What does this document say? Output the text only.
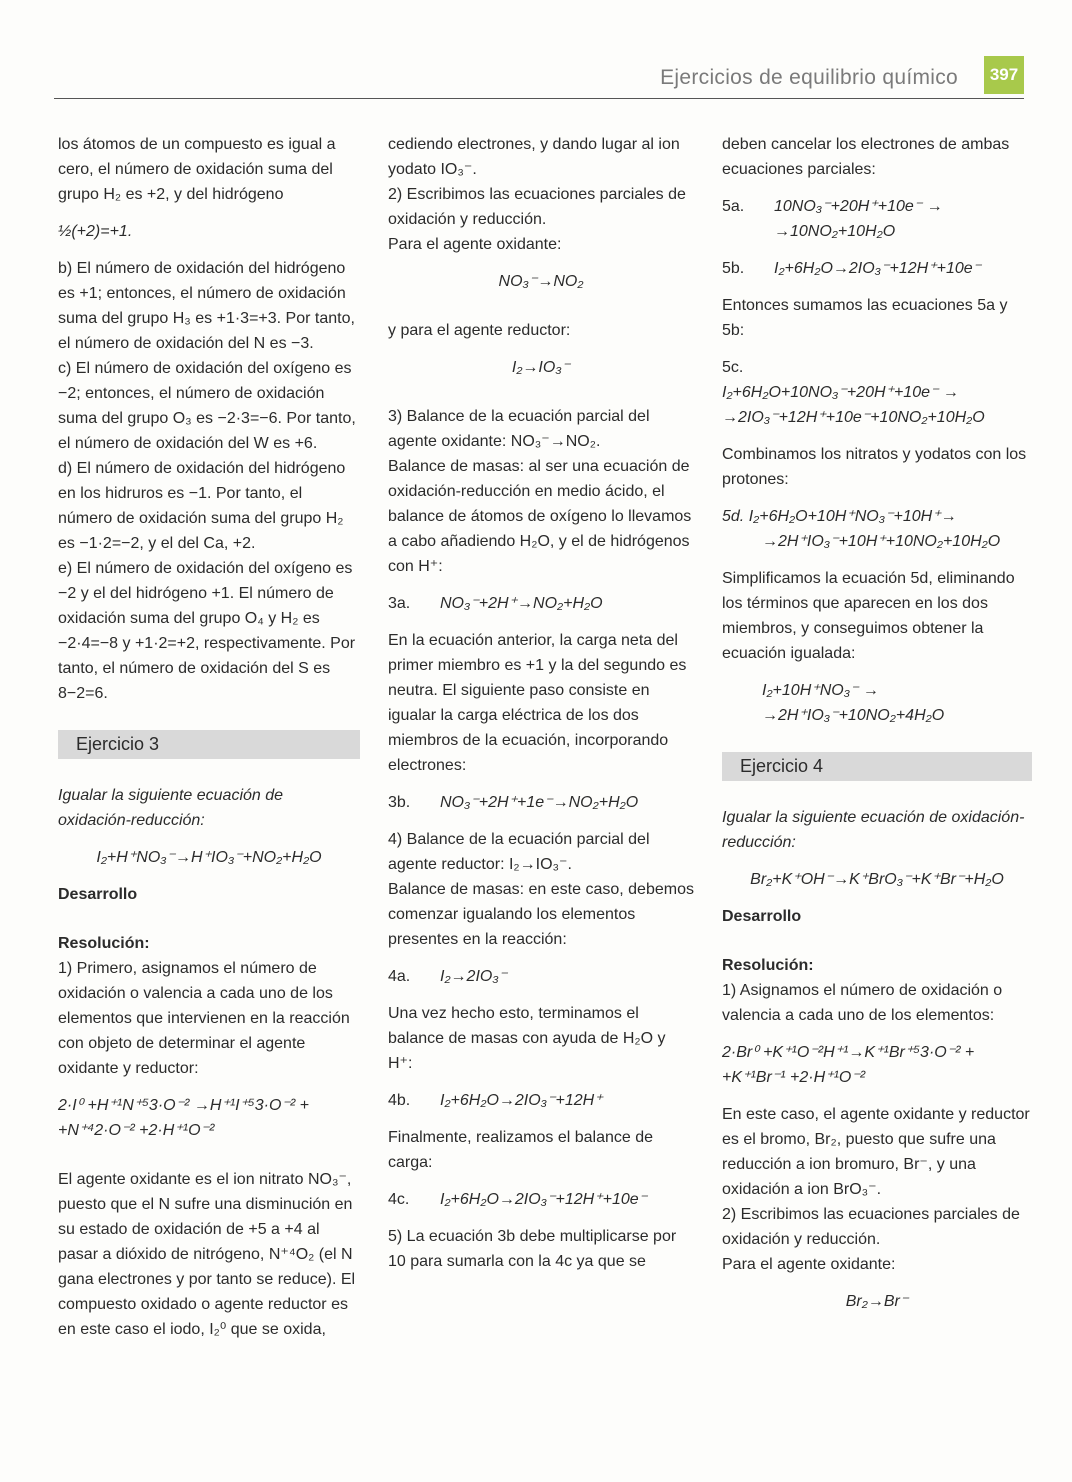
Ejercicios de equilibrio químico	397

los átomos de un compuesto es igual a cero, el número de oxidación suma del grupo H₂ es +2, y del hidrógeno

½(+2)=+1.

b) El número de oxidación del hidrógeno es +1; entonces, el número de oxidación suma del grupo H₃ es +1·3=+3. Por tanto, el número de oxidación del N es −3.

c) El número de oxidación del oxígeno es −2; entonces, el número de oxidación suma del grupo O₃ es −2·3=−6. Por tanto, el número de oxidación del W es +6.

d) El número de oxidación del hidrógeno en los hidruros es −1. Por tanto, el número de oxidación suma del grupo H₂ es −1·2=−2, y el del Ca, +2.

e) El número de oxidación del oxígeno es −2 y el del hidrógeno +1. El número de oxidación suma del grupo O₄ y H₂ es −2·4=−8 y +1·2=+2, respectivamente. Por tanto, el número de oxidación del S es 8−2=6.

Ejercicio 3

Igualar la siguiente ecuación de oxidación-reducción:

I₂+H⁺NO₃⁻→H⁺IO₃⁻+NO₂+H₂O

Desarrollo

Resolución:

1) Primero, asignamos el número de oxidación o valencia a cada uno de los elementos que intervienen en la reacción con objeto de determinar el agente oxidante y reductor:

2·I⁰ +H⁺¹N⁺⁵3·O⁻² →H⁺¹I⁺⁵3·O⁻² +

+N⁺⁴2·O⁻² +2·H⁺¹O⁻²

El agente oxidante es el ion nitrato NO₃⁻, puesto que el N sufre una disminución en su estado de oxidación de +5 a +4 al pasar a dióxido de nitrógeno, N⁺⁴O₂ (el N gana electrones y por tanto se reduce). El compuesto oxidado o agente reductor es en este caso el iodo, I₂⁰ que se oxida,

cediendo electrones, y dando lugar al ion yodato IO₃⁻.

2) Escribimos las ecuaciones parciales de oxidación y reducción.

Para el agente oxidante:

NO₃⁻→NO₂

y para el agente reductor:

I₂→IO₃⁻

3) Balance de la ecuación parcial del agente oxidante: NO₃⁻→NO₂.

Balance de masas: al ser una ecuación de oxidación-reducción en medio ácido, el balance de átomos de oxígeno lo llevamos a cabo añadiendo H₂O, y el de hidrógenos con H⁺:

3a. NO₃⁻+2H⁺→NO₂+H₂O

En la ecuación anterior, la carga neta del primer miembro es +1 y la del segundo es neutra. El siguiente paso consiste en igualar la carga eléctrica de los dos miembros de la ecuación, incorporando electrones:

3b. NO₃⁻+2H⁺+1e⁻→NO₂+H₂O

4) Balance de la ecuación parcial del agente reductor: I₂→IO₃⁻.

Balance de masas: en este caso, debemos comenzar igualando los elementos presentes en la reacción:

4a. I₂→2IO₃⁻

Una vez hecho esto, terminamos el balance de masas con ayuda de H₂O y H⁺:

4b. I₂+6H₂O→2IO₃⁻+12H⁺

Finalmente, realizamos el balance de carga:

4c. I₂+6H₂O→2IO₃⁻+12H⁺+10e⁻

5) La ecuación 3b debe multiplicarse por 10 para sumarla con la 4c ya que se

deben cancelar los electrones de ambas ecuaciones parciales:

5a. 10NO₃⁻+20H⁺+10e⁻ →

→10NO₂+10H₂O

5b. I₂+6H₂O→2IO₃⁻+12H⁺+10e⁻

Entonces sumamos las ecuaciones 5a y 5b:

5c.

I₂+6H₂O+10NO₃⁻+20H⁺+10e⁻ →

→2IO₃⁻+12H⁺+10e⁻+10NO₂+10H₂O

Combinamos los nitratos y yodatos con los protones:

5d. I₂+6H₂O+10H⁺NO₃⁻+10H⁺→

→2H⁺IO₃⁻+10H⁺+10NO₂+10H₂O

Simplificamos la ecuación 5d, eliminando los términos que aparecen en los dos miembros, y conseguimos obtener la ecuación igualada:

I₂+10H⁺NO₃⁻ →

→2H⁺IO₃⁻+10NO₂+4H₂O

Ejercicio 4

Igualar la siguiente ecuación de oxidación-reducción:

Br₂+K⁺OH⁻→K⁺BrO₃⁻+K⁺Br⁻+H₂O

Desarrollo

Resolución:

1) Asignamos el número de oxidación o valencia a cada uno de los elementos:

2·Br⁰ +K⁺¹O⁻²H⁺¹→K⁺¹Br⁺⁵3·O⁻² +

+K⁺¹Br⁻¹ +2·H⁺¹O⁻²

En este caso, el agente oxidante y reductor es el bromo, Br₂, puesto que sufre una reducción a ion bromuro, Br⁻, y una oxidación a ion BrO₃⁻.

2) Escribimos las ecuaciones parciales de oxidación y reducción.

Para el agente oxidante:

Br₂→Br⁻
